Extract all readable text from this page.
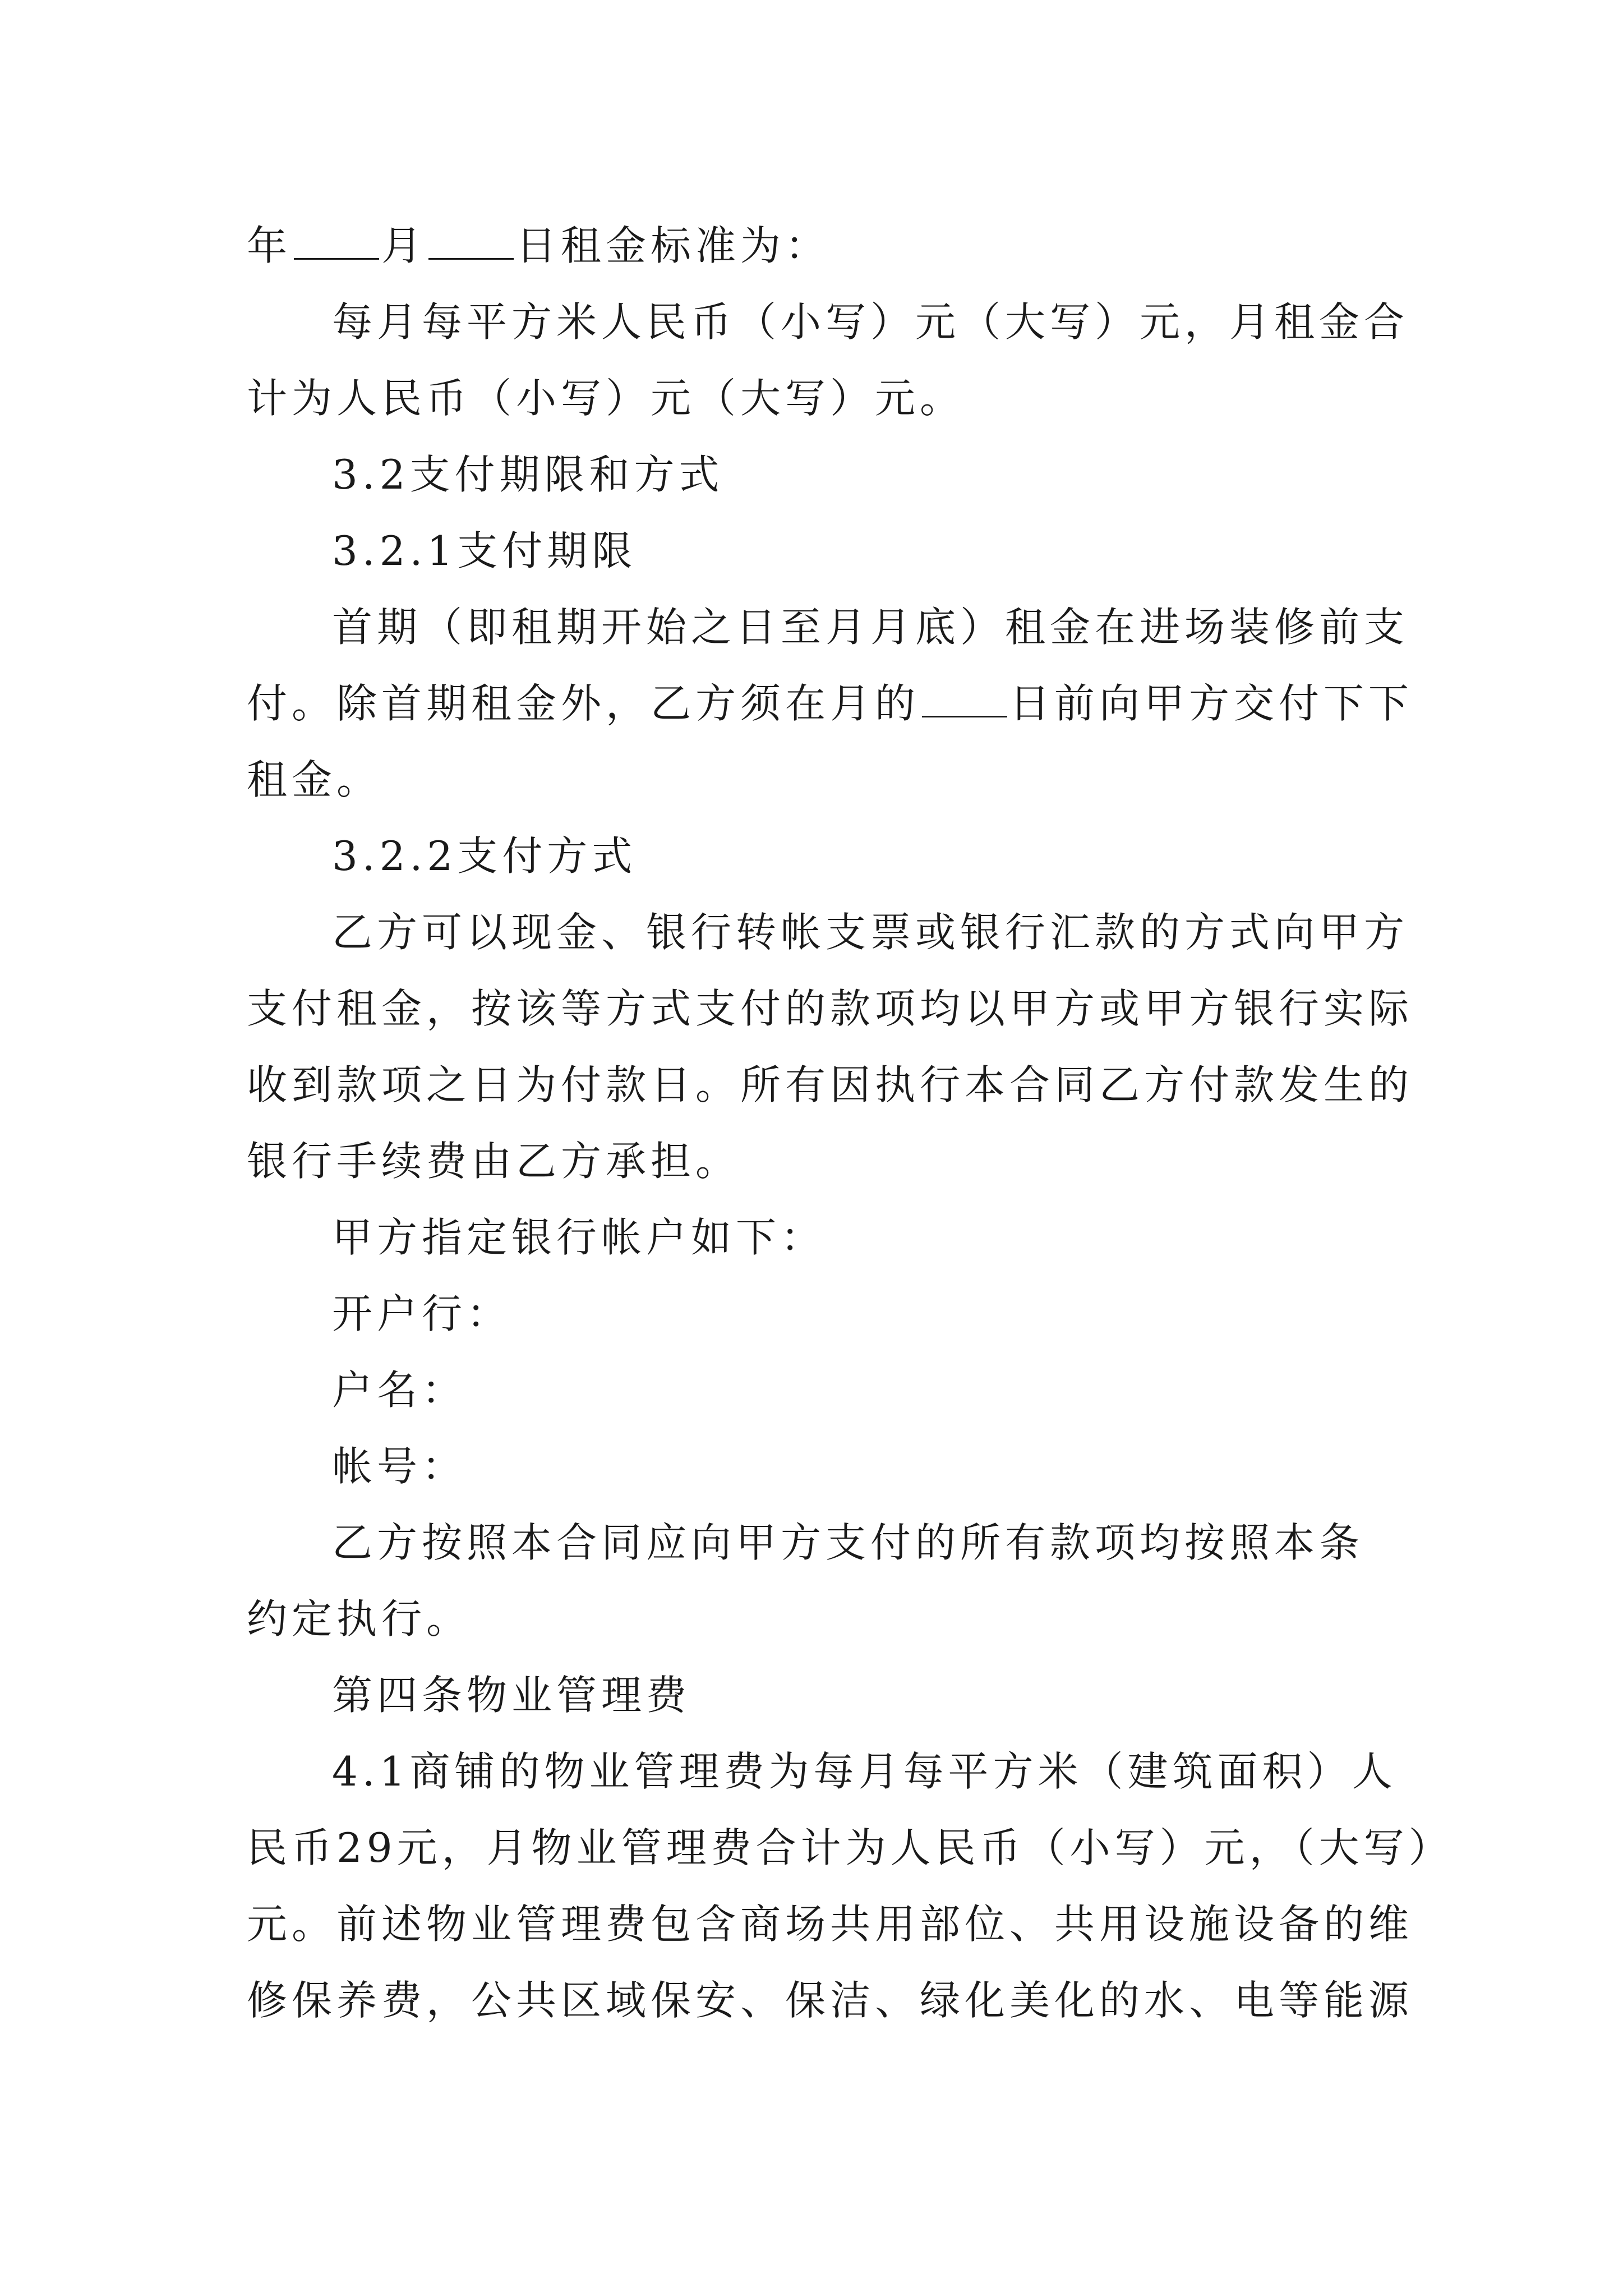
年 月 日租金标准为：
每月每平方米人民币（小写）元（大写）元，月租金合
计为人民币（小写）元（大写）元。
3.2支付期限和方式
3.2.1支付期限
首期（即租期开始之日至月月底）租金在进场装修前支
付。除首期租金外，乙方须在月的 日前向甲方交付下下
租金。
3.2.2支付方式
乙方可以现金、银行转帐支票或银行汇款的方式向甲方
支付租金，按该等方式支付的款项均以甲方或甲方银行实际
收到款项之日为付款日。所有因执行本合同乙方付款发生的
银行手续费由乙方承担。
甲方指定银行帐户如下：
开户行：
户名：
帐号：
乙方按照本合同应向甲方支付的所有款项均按照本条
约定执行。
第四条物业管理费
4.1商铺的物业管理费为每月每平方米（建筑面积）人
民币29元，月物业管理费合计为人民币（小写）元，（大写）
元。前述物业管理费包含商场共用部位、共用设施设备的维
修保养费，公共区域保安、保洁、绿化美化的水、电等能源
